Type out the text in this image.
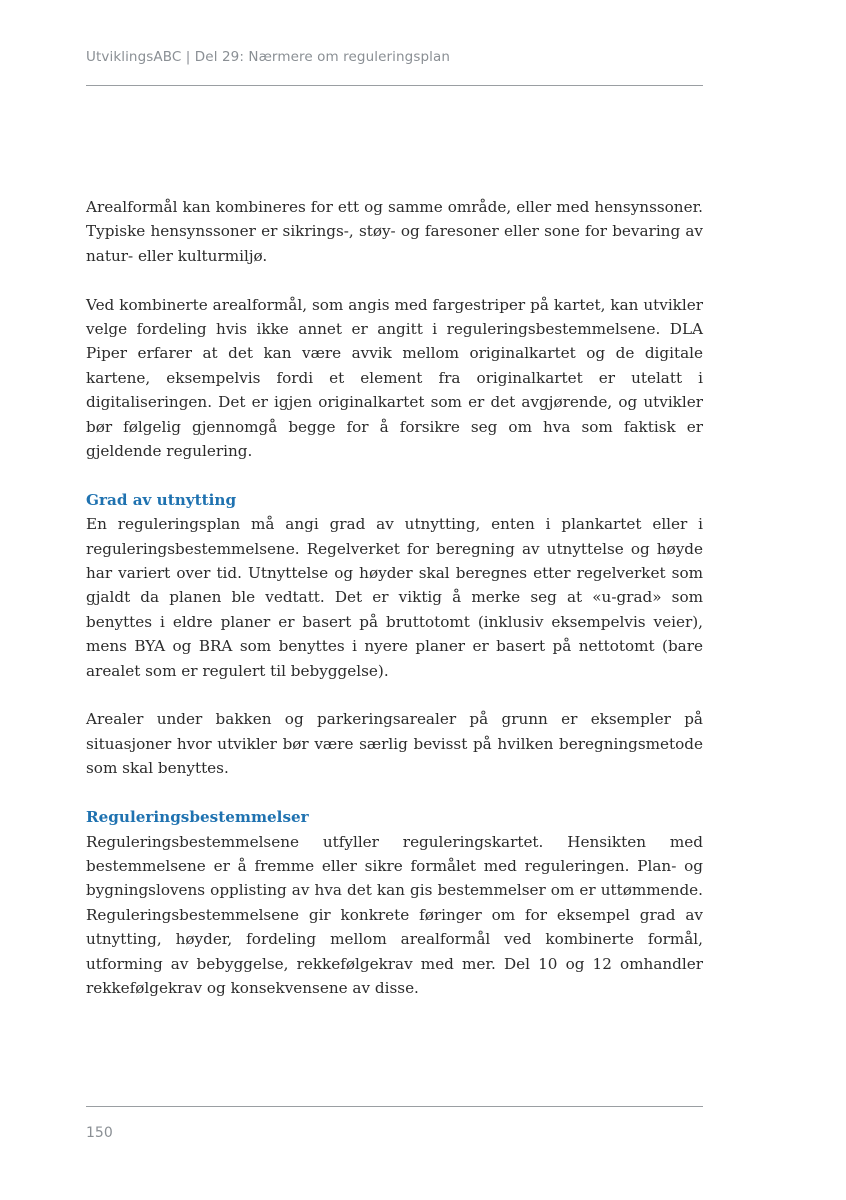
UtviklingsABC | Del 29: Nærmere om reguleringsplan

Arealformål kan kombineres for ett og samme område, eller med hensynssoner. Typiske hensynssoner er sikrings-, støy- og faresoner eller sone for bevaring av natur- eller kulturmiljø.

Ved kombinerte arealformål, som angis med fargestriper på kartet, kan utvikler velge fordeling hvis ikke annet er angitt i reguleringsbestemmelsene. DLA Piper erfarer at det kan være avvik mellom originalkartet og de digitale kartene, eksempelvis fordi et element fra originalkartet er utelatt i digitaliseringen. Det er igjen originalkartet som er det avgjørende, og utvikler bør følgelig gjennomgå begge for å forsikre seg om hva som faktisk er gjeldende regulering.

Grad av utnytting

En reguleringsplan må angi grad av utnytting, enten i plankartet eller i reguleringsbestemmelsene. Regelverket for beregning av utnyttelse og høyde har variert over tid. Utnyttelse og høyder skal beregnes etter regelverket som gjaldt da planen ble vedtatt. Det er viktig å merke seg at «u-grad» som benyttes i eldre planer er basert på bruttotomt (inklusiv eksempelvis veier), mens BYA og BRA som benyttes i nyere planer er basert på nettotomt (bare arealet som er regulert til bebyggelse).

Arealer under bakken og parkeringsarealer på grunn er eksempler på situasjoner hvor utvikler bør være særlig bevisst på hvilken beregningsmetode som skal benyttes.

Reguleringsbestemmelser

Reguleringsbestemmelsene utfyller reguleringskartet. Hensikten med bestemmelsene er å fremme eller sikre formålet med reguleringen. Plan- og bygningslovens opplisting av hva det kan gis bestemmelser om er uttømmende. Reguleringsbestemmelsene gir konkrete føringer om for eksempel grad av utnytting, høyder, fordeling mellom arealformål ved kombinerte formål, utforming av bebyggelse, rekkefølgekrav med mer. Del 10 og 12 omhandler rekkefølgekrav og konsekvensene av disse.

150
